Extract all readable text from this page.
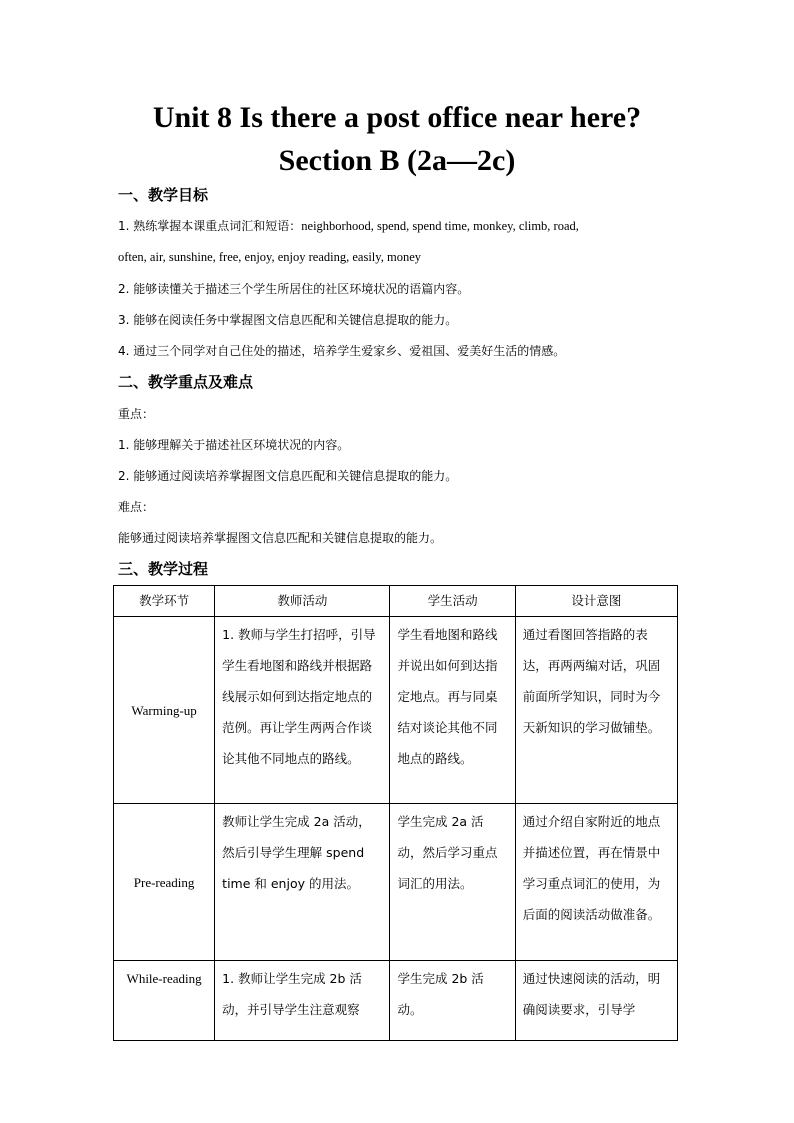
Unit 8 Is there a post office near here?
Section B (2a—2c)
一、教学目标
1. 熟练掌握本课重点词汇和短语：neighborhood, spend, spend time, monkey, climb, road,
often, air, sunshine, free, enjoy, enjoy reading, easily, money
2. 能够读懂关于描述三个学生所居住的社区环境状况的语篇内容。
3. 能够在阅读任务中掌握图文信息匹配和关键信息提取的能力。
4. 通过三个同学对自己住处的描述，培养学生爱家乡、爱祖国、爱美好生活的情感。
二、教学重点及难点
重点：
1. 能够理解关于描述社区环境状况的内容。
2. 能够通过阅读培养掌握图文信息匹配和关键信息提取的能力。
难点：
能够通过阅读培养掌握图文信息匹配和关键信息提取的能力。
三、教学过程
教学环节	教师活动	学生活动	设计意图
Warming-up	1. 教师与学生打招呼，引导学生看地图和路线并根据路线展示如何到达指定地点的范例。再让学生两两合作谈论其他不同地点的路线。	学生看地图和路线并说出如何到达指定地点。再与同桌结对谈论其他不同地点的路线。	通过看图回答指路的表达，再两两编对话，巩固前面所学知识，同时为今天新知识的学习做铺垫。
Pre-reading	教师让学生完成 2a 活动，然后引导学生理解 spend time 和 enjoy 的用法。	学生完成 2a 活动，然后学习重点词汇的用法。	通过介绍自家附近的地点并描述位置，再在情景中学习重点词汇的使用，为后面的阅读活动做准备。
While-reading	1. 教师让学生完成 2b 活动，并引导学生注意观察	学生完成 2b 活动。	通过快速阅读的活动，明确阅读要求，引导学
